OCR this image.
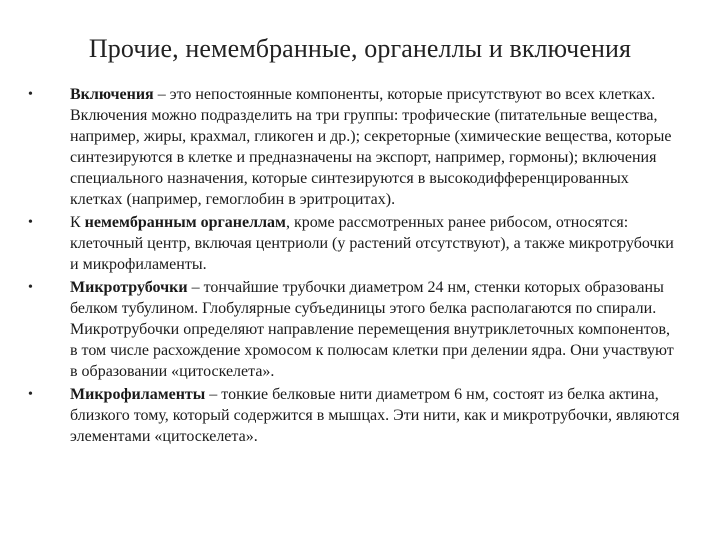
Прочие, немембранные, органеллы и включения
• Включения – это непостоянные компоненты, которые присутствуют во всех клетках. Включения можно подразделить на три группы: трофические (питательные вещества, например, жиры, крахмал, гликоген и др.); секреторные (химические вещества, которые синтезируются в клетке и предназначены на экспорт, например, гормоны); включения специального назначения, которые синтезируются в высокодифференцированных клетках (например, гемоглобин в эритроцитах).
• К немембранным органеллам, кроме рассмотренных ранее рибосом, относятся: клеточный центр, включая центриоли (у растений отсутствуют), а также микротрубочки и микрофиламенты.
• Микротрубочки – тончайшие трубочки диаметром 24 нм, стенки которых образованы белком тубулином. Глобулярные субъединицы этого белка располагаются по спирали. Микротрубочки определяют направление перемещения внутриклеточных компонентов, в том числе расхождение хромосом к полюсам клетки при делении ядра. Они участвуют в образовании «цитоскелета».
• Микрофиламенты – тонкие белковые нити диаметром 6 нм, состоят из белка актина, близкого тому, который содержится в мышцах. Эти нити, как и микротрубочки, являются элементами «цитоскелета».
